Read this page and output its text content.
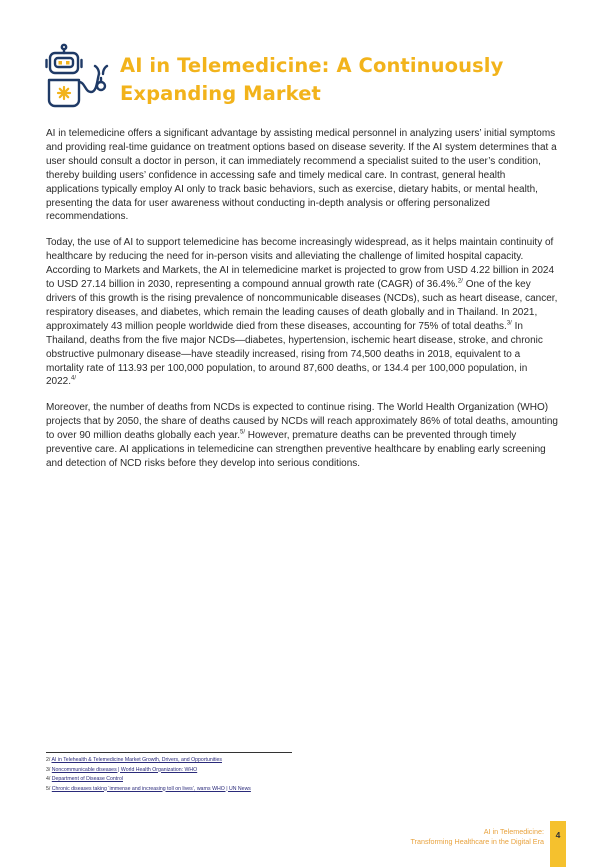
AI in Telemedicine: A Continuously
Expanding Market

AI in telemedicine offers a significant advantage by assisting medical personnel in analyzing users’ initial symptoms and providing real-time guidance on treatment options based on disease severity. If the AI system determines that a user should consult a doctor in person, it can immediately recommend a specialist suited to the user’s condition, thereby building users’ confidence in accessing safe and timely medical care. In contrast, general health applications typically employ AI only to track basic behaviors, such as exercise, dietary habits, or mental health, presenting the data for user awareness without conducting in-depth analysis or offering personalized recommendations.

Today, the use of AI to support telemedicine has become increasingly widespread, as it helps maintain continuity of healthcare by reducing the need for in-person visits and alleviating the challenge of limited hospital capacity. According to Markets and Markets, the AI in telemedicine market is projected to grow from USD 4.22 billion in 2024 to USD 27.14 billion in 2030, representing a compound annual growth rate (CAGR) of 36.4%.$^{2/}$ One of the key drivers of this growth is the rising prevalence of noncommunicable diseases (NCDs), such as heart disease, cancer, respiratory diseases, and diabetes, which remain the leading causes of death globally and in Thailand. In 2021, approximately 43 million people worldwide died from these diseases, accounting for 75% of total deaths.$^{3/}$ In Thailand, deaths from the five major NCDs—diabetes, hypertension, ischemic heart disease, stroke, and chronic obstructive pulmonary disease—have steadily increased, rising from 74,500 deaths in 2018, equivalent to a mortality rate of 113.93 per 100,000 population, to around 87,600 deaths, or 134.4 per 100,000 population, in 2022.$^{4/}$

Moreover, the number of deaths from NCDs is expected to continue rising. The World Health Organization (WHO) projects that by 2050, the share of deaths caused by NCDs will reach approximately 86% of total deaths, amounting to over 90 million deaths globally each year.$^{5/}$ However, premature deaths can be prevented through timely preventive care. AI applications in telemedicine can strengthen preventive healthcare by enabling early screening and detection of NCD risks before they develop into serious conditions.

2/ AI in Telehealth & Telemedicine Market Growth, Drivers, and Opportunities
3/ Noncommunicable diseases | World Health Organization: WHO
4/ Department of Disease Control
5/ Chronic diseases taking ‘immense and increasing toll on lives’, warns WHO | UN News
AI in Telemedicine:
Transforming Healthcare in the Digital Era
4
